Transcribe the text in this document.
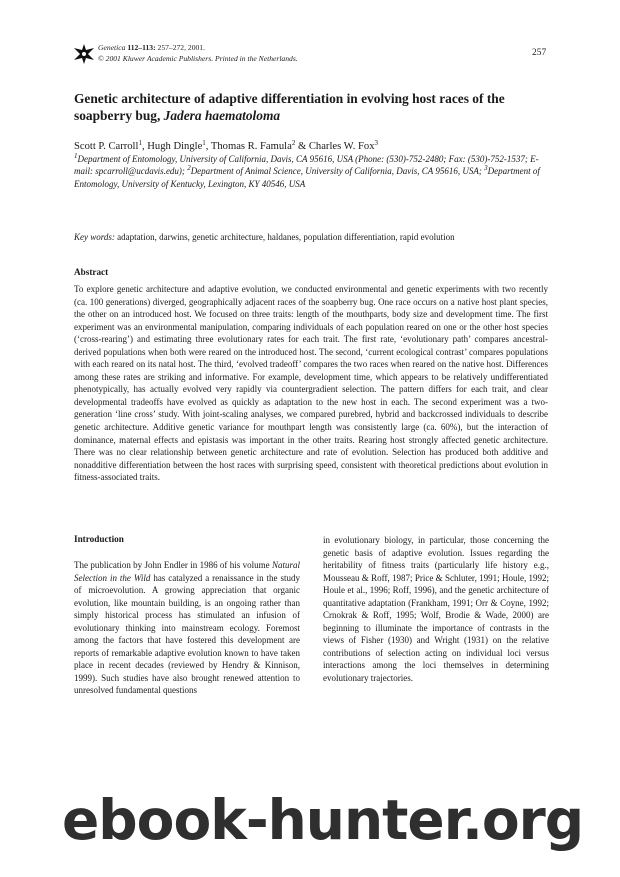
Genetica 112–113: 257–272, 2001.
© 2001 Kluwer Academic Publishers. Printed in the Netherlands.	257
Genetic architecture of adaptive differentiation in evolving host races of the soapberry bug, Jadera haematoloma
Scott P. Carroll$^1$, Hugh Dingle$^1$, Thomas R. Famula$^2$ & Charles W. Fox$^3$
$^1$Department of Entomology, University of California, Davis, CA 95616, USA (Phone: (530)-752-2480; Fax: (530)-752-1537; E-mail: spcarroll@ucdavis.edu); $^2$Department of Animal Science, University of California, Davis, CA 95616, USA; $^3$Department of Entomology, University of Kentucky, Lexington, KY 40546, USA
Key words: adaptation, darwins, genetic architecture, haldanes, population differentiation, rapid evolution
Abstract
To explore genetic architecture and adaptive evolution, we conducted environmental and genetic experiments with two recently (ca. 100 generations) diverged, geographically adjacent races of the soapberry bug. One race occurs on a native host plant species, the other on an introduced host. We focused on three traits: length of the mouthparts, body size and development time. The first experiment was an environmental manipulation, comparing individuals of each population reared on one or the other host species (‘cross-rearing’) and estimating three evolutionary rates for each trait. The first rate, ‘evolutionary path’ compares ancestral-derived populations when both were reared on the introduced host. The second, ‘current ecological contrast’ compares populations with each reared on its natal host. The third, ‘evolved tradeoff’ compares the two races when reared on the native host. Differences among these rates are striking and informative. For example, development time, which appears to be relatively undifferentiated phenotypically, has actually evolved very rapidly via countergradient selection. The pattern differs for each trait, and clear developmental tradeoffs have evolved as quickly as adaptation to the new host in each. The second experiment was a two-generation ‘line cross’ study. With joint-scaling analyses, we compared purebred, hybrid and backcrossed individuals to describe genetic architecture. Additive genetic variance for mouthpart length was consistently large (ca. 60%), but the interaction of dominance, maternal effects and epistasis was important in the other traits. Rearing host strongly affected genetic architecture. There was no clear relationship between genetic architecture and rate of evolution. Selection has produced both additive and nonadditive differentiation between the host races with surprising speed, consistent with theoretical predictions about evolution in fitness-associated traits.
Introduction
The publication by John Endler in 1986 of his volume Natural Selection in the Wild has catalyzed a renaissance in the study of microevolution. A growing appreciation that organic evolution, like mountain building, is an ongoing rather than simply historical process has stimulated an infusion of evolutionary thinking into mainstream ecology. Foremost among the factors that have fostered this development are reports of remarkable adaptive evolution known to have taken place in recent decades (reviewed by Hendry & Kinnison, 1999). Such studies have also brought renewed attention to unresolved fundamental questions
in evolutionary biology, in particular, those concerning the genetic basis of adaptive evolution. Issues regarding the heritability of fitness traits (particularly life history e.g., Mousseau & Roff, 1987; Price & Schluter, 1991; Houle, 1992; Houle et al., 1996; Roff, 1996), and the genetic architecture of quantitative adaptation (Frankham, 1991; Orr & Coyne, 1992; Crnokrak & Roff, 1995; Wolf, Brodie & Wade, 2000) are beginning to illuminate the importance of contrasts in the views of Fisher (1930) and Wright (1931) on the relative contributions of selection acting on individual loci versus interactions among the loci themselves in determining evolutionary trajectories.
ebook-hunter.org
